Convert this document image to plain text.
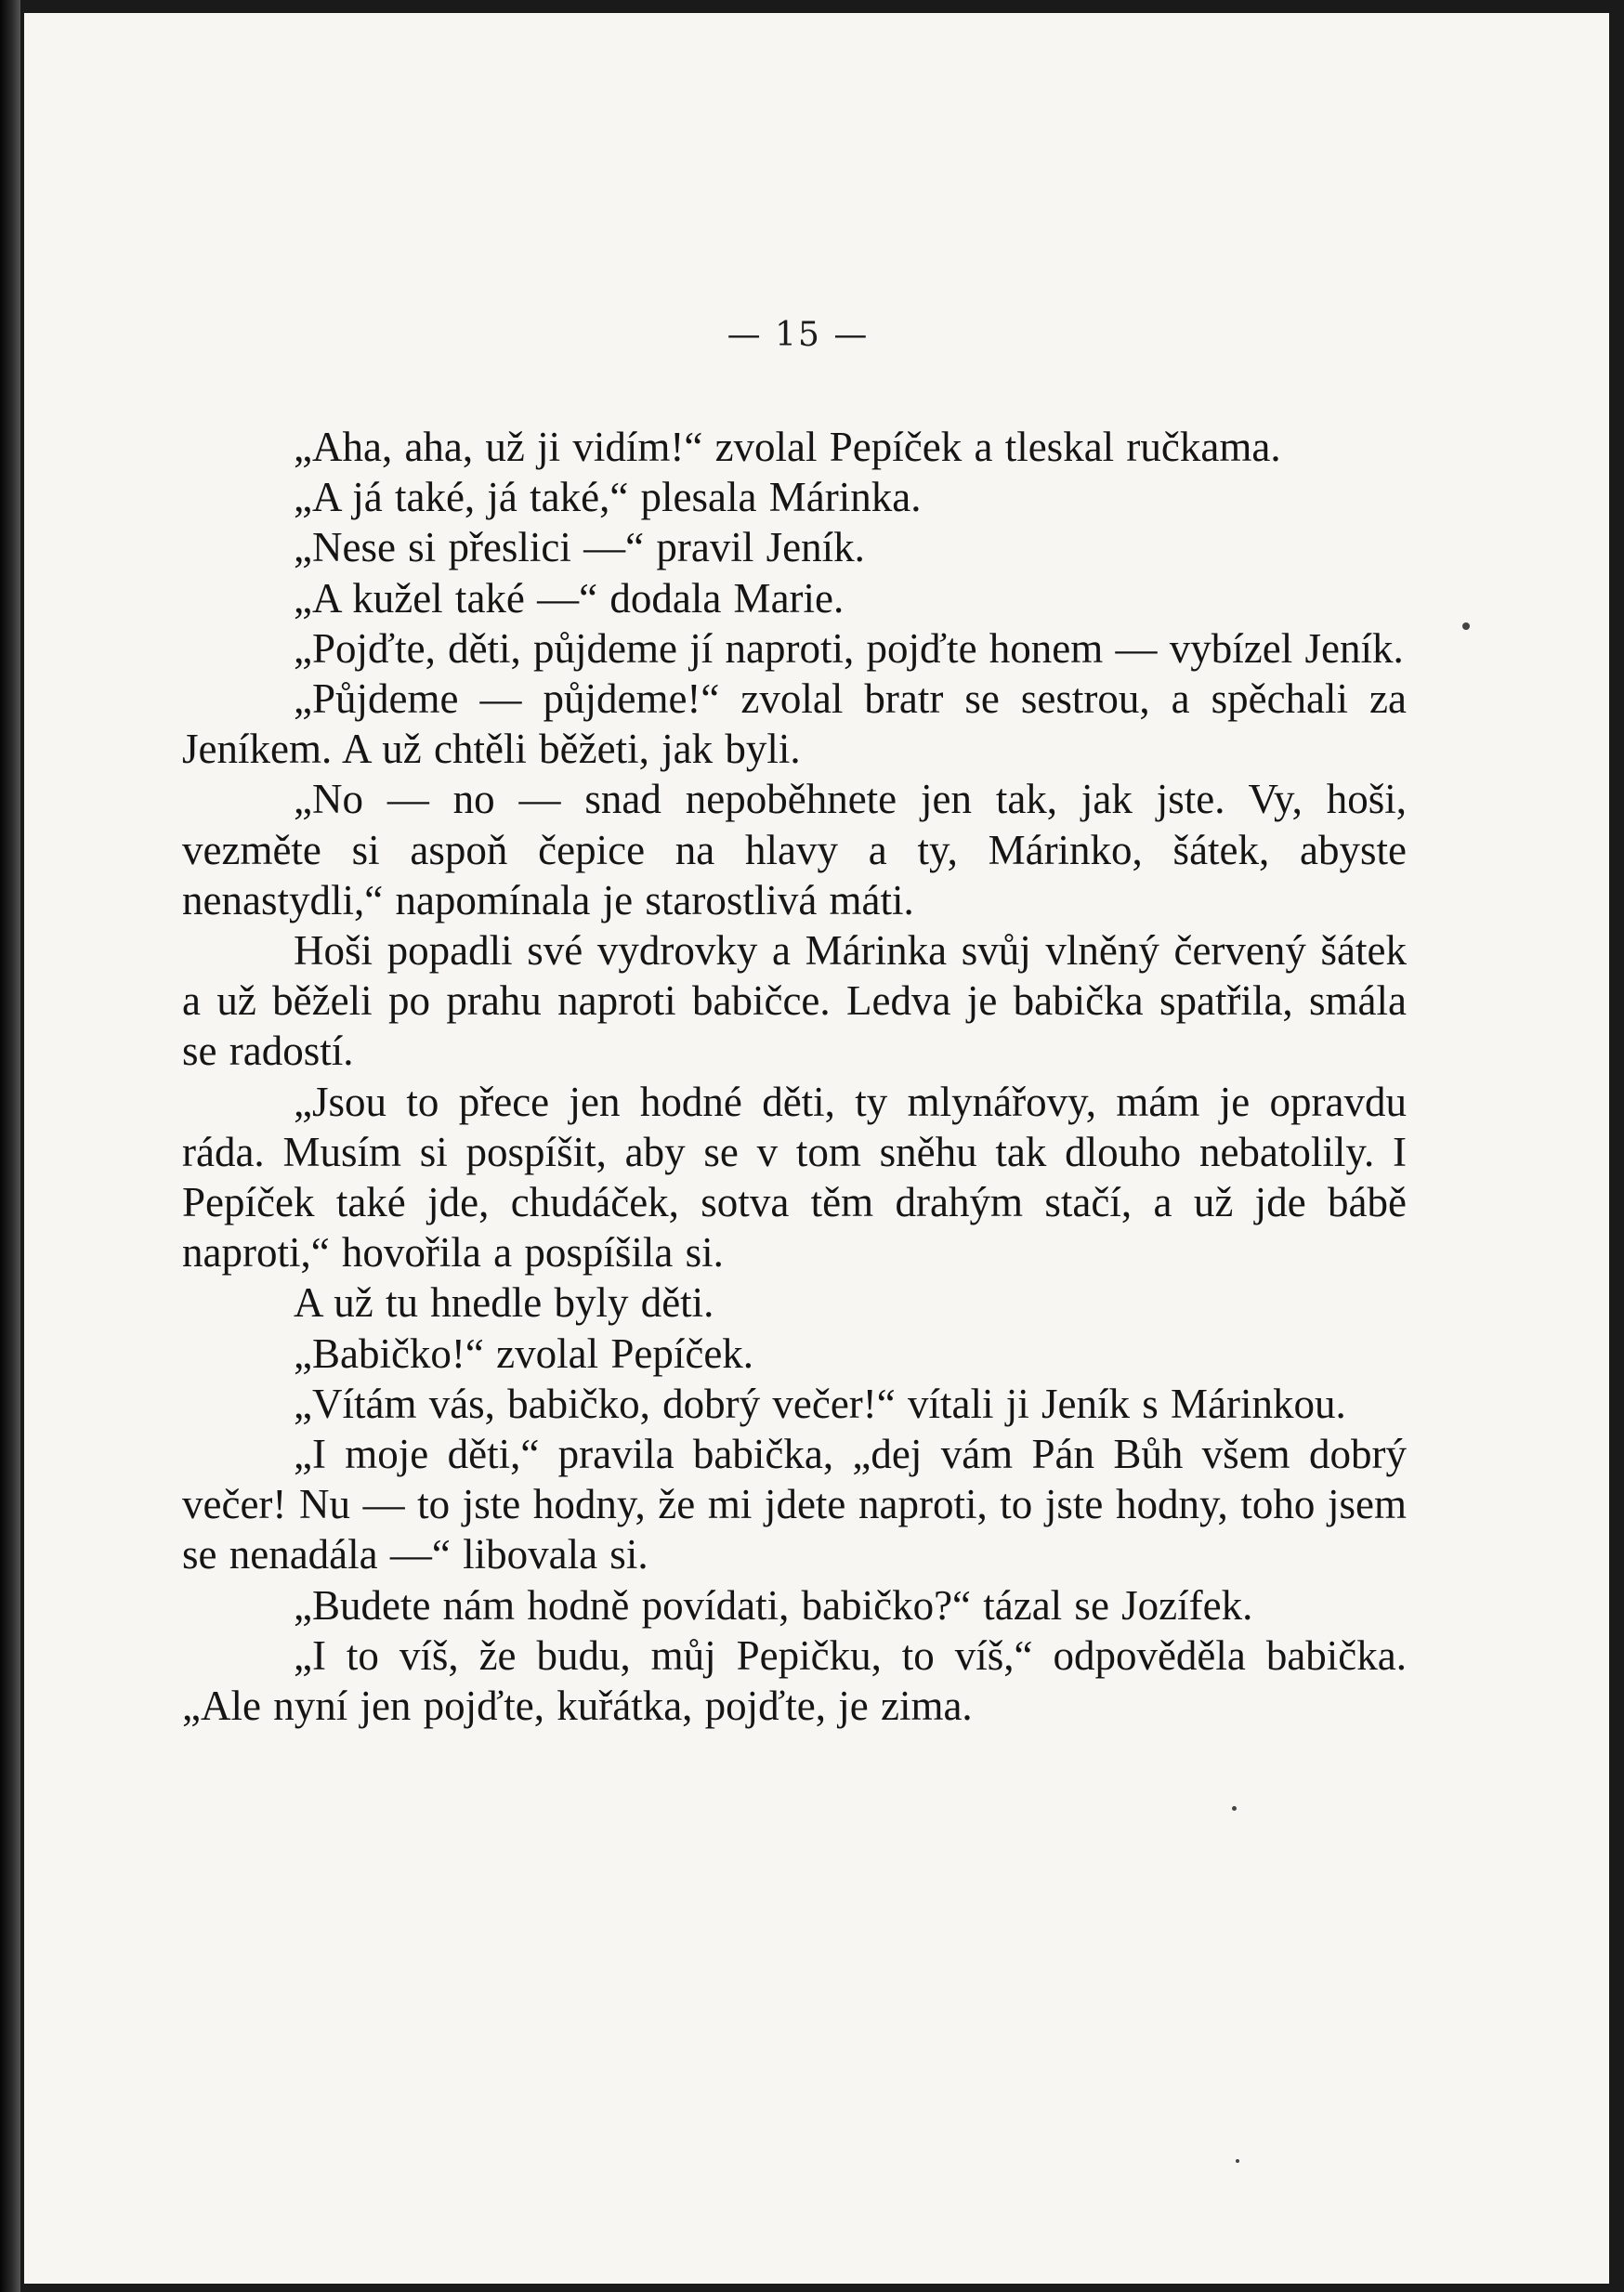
— 15 —

„Aha, aha, už ji vidím!“ zvolal Pepíček a tleskal ručkama.

„A já také, já také,“ plesala Márinka.

„Nese si přeslici —“ pravil Jeník.

„A kužel také —“ dodala Marie.

„Pojďte, děti, půjdeme jí naproti, pojďte honem — vybízel Jeník.

„Půjdeme — půjdeme!“ zvolal bratr se sestrou, a spěchali za Jeníkem. A už chtěli běžeti, jak byli.

„No — no — snad nepoběhnete jen tak, jak jste. Vy, hoši, vezměte si aspoň čepice na hlavy a ty, Márinko, šátek, abyste nenastydli,“ napomínala je starostlivá máti.

Hoši popadli své vydrovky a Márinka svůj vlněný červený šátek a už běželi po prahu naproti babičce. Ledva je babička spatřila, smála se radostí.

„Jsou to přece jen hodné děti, ty mlynářovy, mám je opravdu ráda. Musím si pospíšit, aby se v tom sněhu tak dlouho nebatolily. I Pepíček také jde, chudáček, sotva těm drahým stačí, a už jde bábě naproti,“ hovořila a pospíšila si.

A už tu hnedle byly děti.

„Babičko!“ zvolal Pepíček.

„Vítám vás, babičko, dobrý večer!“ vítali ji Jeník s Márinkou.

„I moje děti,“ pravila babička, „dej vám Pán Bůh všem dobrý večer! Nu — to jste hodny, že mi jdete naproti, to jste hodny, toho jsem se nenadála —“ libovala si.

„Budete nám hodně povídati, babičko?“ tázal se Jozífek.

„I to víš, že budu, můj Pepičku, to víš,“ odpověděla babička. „Ale nyní jen pojďte, kuřátka, pojďte, je zima.
